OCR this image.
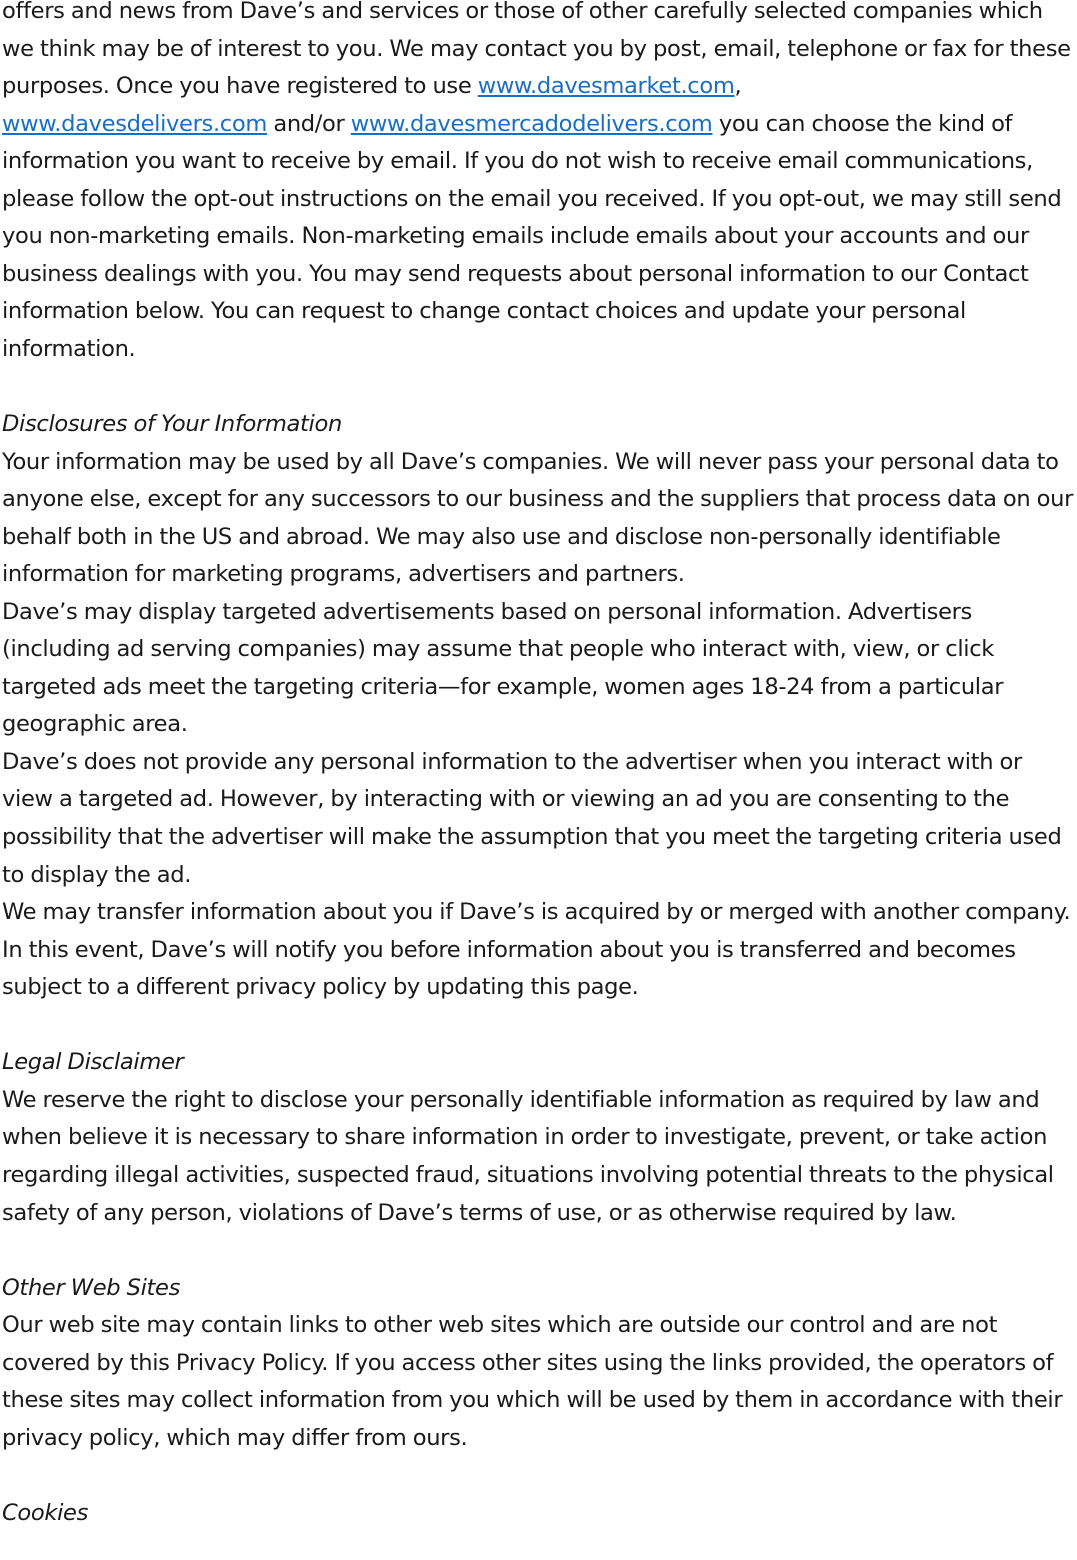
offers and news from Dave’s and services or those of other carefully selected companies which we think may be of interest to you. We may contact you by post, email, telephone or fax for these purposes. Once you have registered to use www.davesmarket.com,
www.davesdelivers.com and/or www.davesmercadodelivers.com you can choose the kind of information you want to receive by email. If you do not wish to receive email communications, please follow the opt-out instructions on the email you received. If you opt-out, we may still send you non-marketing emails. Non-marketing emails include emails about your accounts and our business dealings with you. You may send requests about personal information to our Contact information below. You can request to change contact choices and update your personal information.

Disclosures of Your Information

Your information may be used by all Dave’s companies. We will never pass your personal data to anyone else, except for any successors to our business and the suppliers that process data on our behalf both in the US and abroad. We may also use and disclose non-personally identifiable information for marketing programs, advertisers and partners.

Dave’s may display targeted advertisements based on personal information. Advertisers (including ad serving companies) may assume that people who interact with, view, or click targeted ads meet the targeting criteria—for example, women ages 18-24 from a particular geographic area.

Dave’s does not provide any personal information to the advertiser when you interact with or view a targeted ad. However, by interacting with or viewing an ad you are consenting to the possibility that the advertiser will make the assumption that you meet the targeting criteria used to display the ad.

We may transfer information about you if Dave’s is acquired by or merged with another company. In this event, Dave’s will notify you before information about you is transferred and becomes subject to a different privacy policy by updating this page.

Legal Disclaimer

We reserve the right to disclose your personally identifiable information as required by law and when believe it is necessary to share information in order to investigate, prevent, or take action regarding illegal activities, suspected fraud, situations involving potential threats to the physical safety of any person, violations of Dave’s terms of use, or as otherwise required by law.

Other Web Sites

Our web site may contain links to other web sites which are outside our control and are not covered by this Privacy Policy. If you access other sites using the links provided, the operators of these sites may collect information from you which will be used by them in accordance with their privacy policy, which may differ from ours.

Cookies
